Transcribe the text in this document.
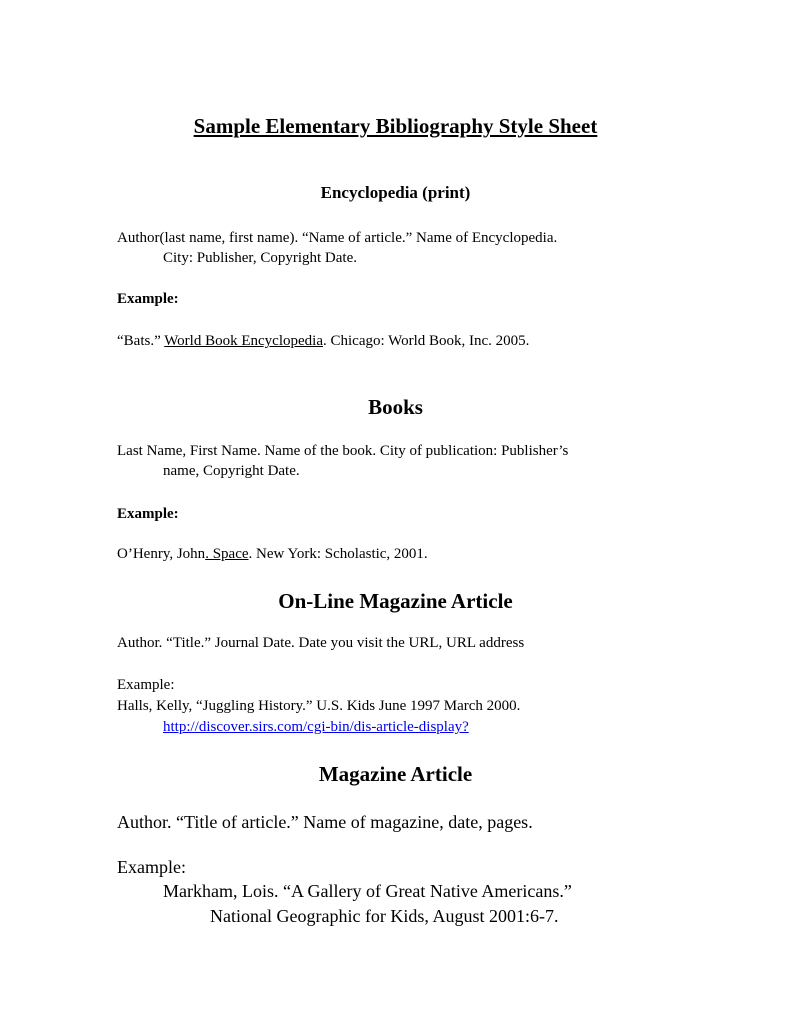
Sample Elementary Bibliography Style Sheet
Encyclopedia (print)
Author(last name, first name). “Name of article.” Name of Encyclopedia.
City: Publisher, Copyright Date.
Example:
“Bats.” World Book Encyclopedia. Chicago: World Book, Inc. 2005.
Books
Last Name, First Name. Name of the book. City of publication: Publisher’s
name, Copyright Date.
Example:
O’Henry, John. Space. New York: Scholastic, 2001.
On-Line Magazine Article
Author. “Title.” Journal Date. Date you visit the URL, URL address
Example:
Halls, Kelly, “Juggling History.” U.S. Kids June 1997 March 2000.
http://discover.sirs.com/cgi-bin/dis-article-display?
Magazine Article
Author. “Title of article.” Name of magazine, date, pages.
Example:
Markham, Lois. “A Gallery of Great Native Americans.”
National Geographic for Kids, August 2001:6-7.
